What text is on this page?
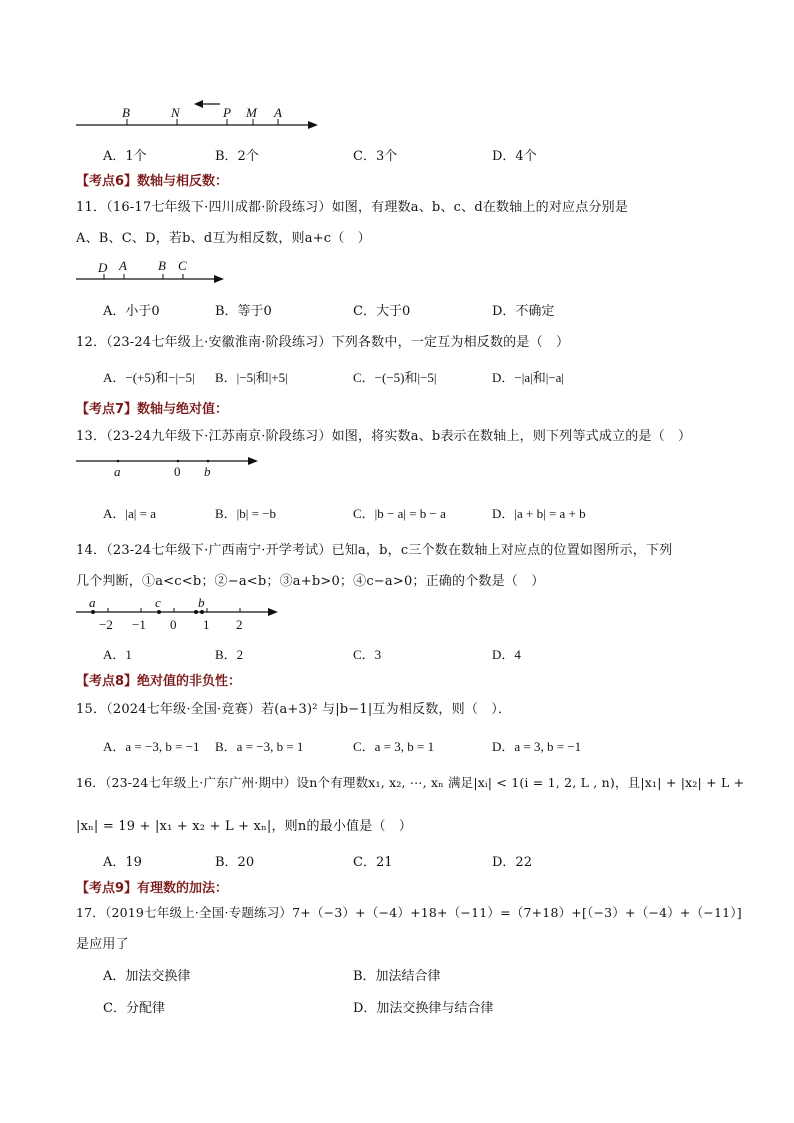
B	N	P M A
A．1个	B．2个	C．3个	D．4个
【考点6】数轴与相反数：
11．（16-17七年级下·四川成都·阶段练习）如图，有理数a、b、c、d在数轴上的对应点分别是
A、B、C、D，若b、d互为相反数，则a+c（　）
D A B C
A．小于0	B．等于0	C．大于0	D．不确定
12．（23-24七年级上·安徽淮南·阶段练习）下列各数中，一定互为相反数的是（　）
A．−(+5)和−|−5| B．|−5|和|+5|	C．−(−5)和|−5|	D．−|a|和|−a|
【考点7】数轴与绝对值：
13．（23-24九年级下·江苏南京·阶段练习）如图，将实数a、b表示在数轴上，则下列等式成立的是（　）
a	0 b
A．|a| = a	B．|b| = −b	C．|b − a| = b − a	D．|a + b| = a + b
14．（23-24七年级下·广西南宁·开学考试）已知a，b，c三个数在数轴上对应点的位置如图所示，下列
几个判断，①a<c<b；②−a<b；③a+b>0；④c−a>0；正确的个数是（　）
a	c	b
−2 −1 0 1 2
A．1	B．2	C．3	D．4
【考点8】绝对值的非负性：
15．（2024七年级·全国·竞赛）若(a+3)² 与|b−1|互为相反数，则（　）．
A．a = −3, b = −1 B．a = −3, b = 1	C．a = 3, b = 1	D．a = 3, b = −1
16．（23-24七年级上·广东广州·期中）设n个有理数x₁, x₂, ⋯, xₙ 满足|xᵢ| < 1(i = 1, 2, L , n)，且|x₁| + |x₂| + L +
|xₙ| = 19 + |x₁ + x₂ + L + xₙ|，则n的最小值是（　）
A．19	B．20	C．21	D．22
【考点9】有理数的加法：
17．（2019七年级上·全国·专题练习）7+（−3）+（−4）+18+（−11）=（7+18）+[（−3）+（−4）+（−11）]
是应用了
A．加法交换律	B．加法结合律
C．分配律	D．加法交换律与结合律
